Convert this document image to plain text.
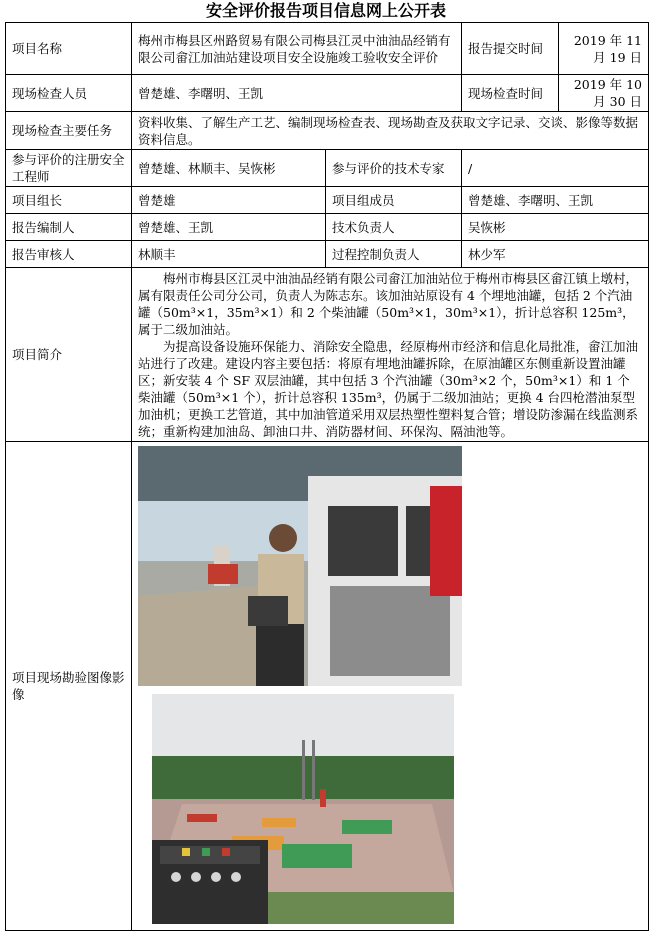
安全评价报告项目信息网上公开表
项目名称	梅州市梅县区州路贸易有限公司梅县江灵中油油品经销有限公司畲江加油站建设项目安全设施竣工验收安全评价		报告提交时间	2019 年 11 月 19 日
现场检查人员	曾楚雄、李曙明、王凯		现场检查时间	2019 年 10 月 30 日
现场检查主要任务	资料收集、了解生产工艺、编制现场检查表、现场勘查及获取文字记录、交谈、影像等数据资料信息。			
参与评价的注册安全工程师	曾楚雄、林顺丰、吴恢彬	参与评价的技术专家	/	
项目组长	曾楚雄	项目组成员	曾楚雄、李曙明、王凯	
报告编制人	曾楚雄、王凯	技术负责人	吴恢彬	
报告审核人	林顺丰	过程控制负责人	林少军	
项目简介	梅州市梅县区江灵中油油品经销有限公司畲江加油站位于梅州市梅县区畲江镇上墩村，属有限责任公司分公司，负责人为陈志东。该加油站原设有 4 个埋地油罐，包括 2 个汽油罐（50m³×1，35m³×1）和 2 个柴油罐（50m³×1，30m³×1），折计总容积 125m³，属于二级加油站。

为提高设备设施环保能力、消除安全隐患，经原梅州市经济和信息化局批准，畲江加油站进行了改建。建设内容主要包括：将原有埋地油罐拆除，在原油罐区东侧重新设置油罐区；新安装 4 个 SF 双层油罐，其中包括 3 个汽油罐（30m³×2 个，50m³×1）和 1 个柴油罐（50m³×1 个），折计总容积 135m³，仍属于二级加油站；更换 4 台四枪潜油泵型加油机；更换工艺管道，其中加油管道采用双层热塑性塑料复合管；增设防渗漏在线监测系统；重新构建加油岛、卸油口井、消防器材间、环保沟、隔油池等。			

项目现场勘验图像影像	
